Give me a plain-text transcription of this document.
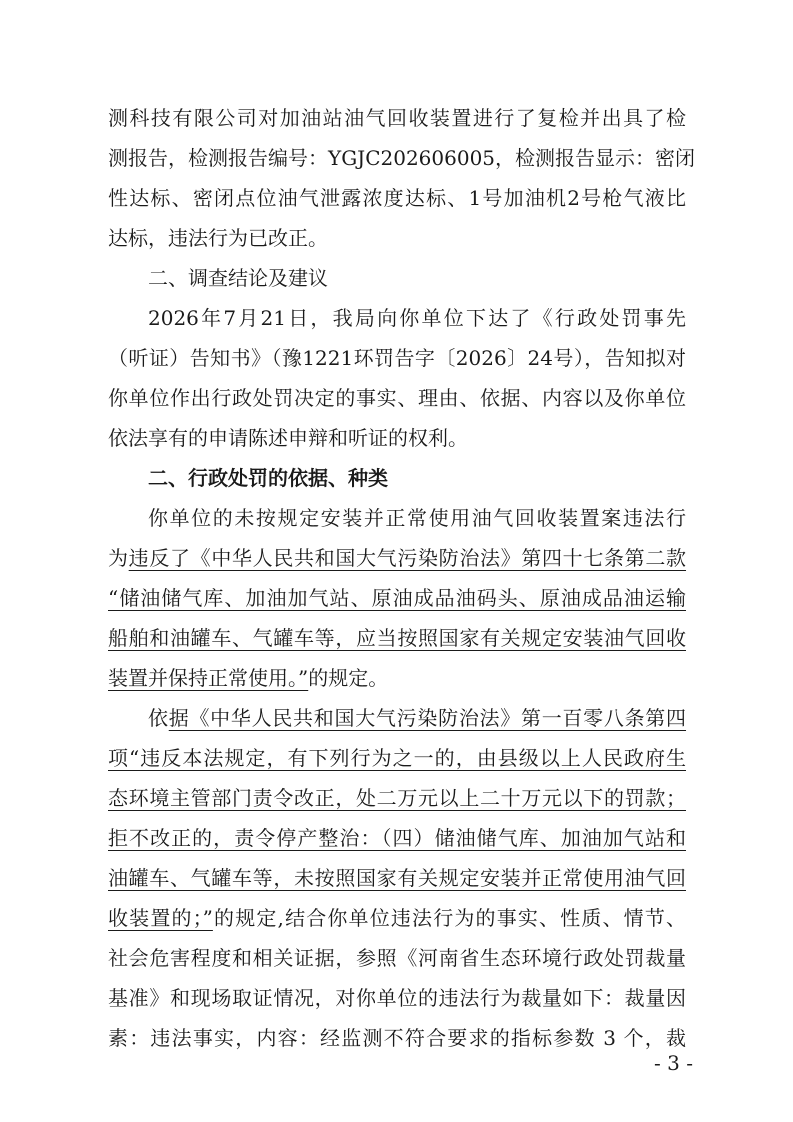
测科技有限公司对加油站油气回收装置进行了复检并出具了检
测报告，检测报告编号：YGJC202606005，检测报告显示：密闭
性达标、密闭点位油气泄露浓度达标、1号加油机2号枪气液比
达标，违法行为已改正。
二、调查结论及建议
2026年7月21日，我局向你单位下达了《行政处罚事先
（听证）告知书》（豫1221环罚告字〔2026〕24号），告知拟对
你单位作出行政处罚决定的事实、理由、依据、内容以及你单位
依法享有的申请陈述申辩和听证的权利。
二、行政处罚的依据、种类
你单位的未按规定安装并正常使用油气回收装置案违法行
为违反了《中华人民共和国大气污染防治法》第四十七条第二款
“储油储气库、加油加气站、原油成品油码头、原油成品油运输
船舶和油罐车、气罐车等，应当按照国家有关规定安装油气回收
装置并保持正常使用。”的规定。
依据《中华人民共和国大气污染防治法》第一百零八条第四
项“违反本法规定，有下列行为之一的，由县级以上人民政府生
态环境主管部门责令改正，处二万元以上二十万元以下的罚款；
拒不改正的，责令停产整治：（四）储油储气库、加油加气站和
油罐车、气罐车等，未按照国家有关规定安装并正常使用油气回
收装置的；”的规定,结合你单位违法行为的事实、性质、情节、
社会危害程度和相关证据，参照《河南省生态环境行政处罚裁量
基准》和现场取证情况，对你单位的违法行为裁量如下：裁量因
素：违法事实，内容：经监测不符合要求的指标参数 3 个，裁
- 3 -
